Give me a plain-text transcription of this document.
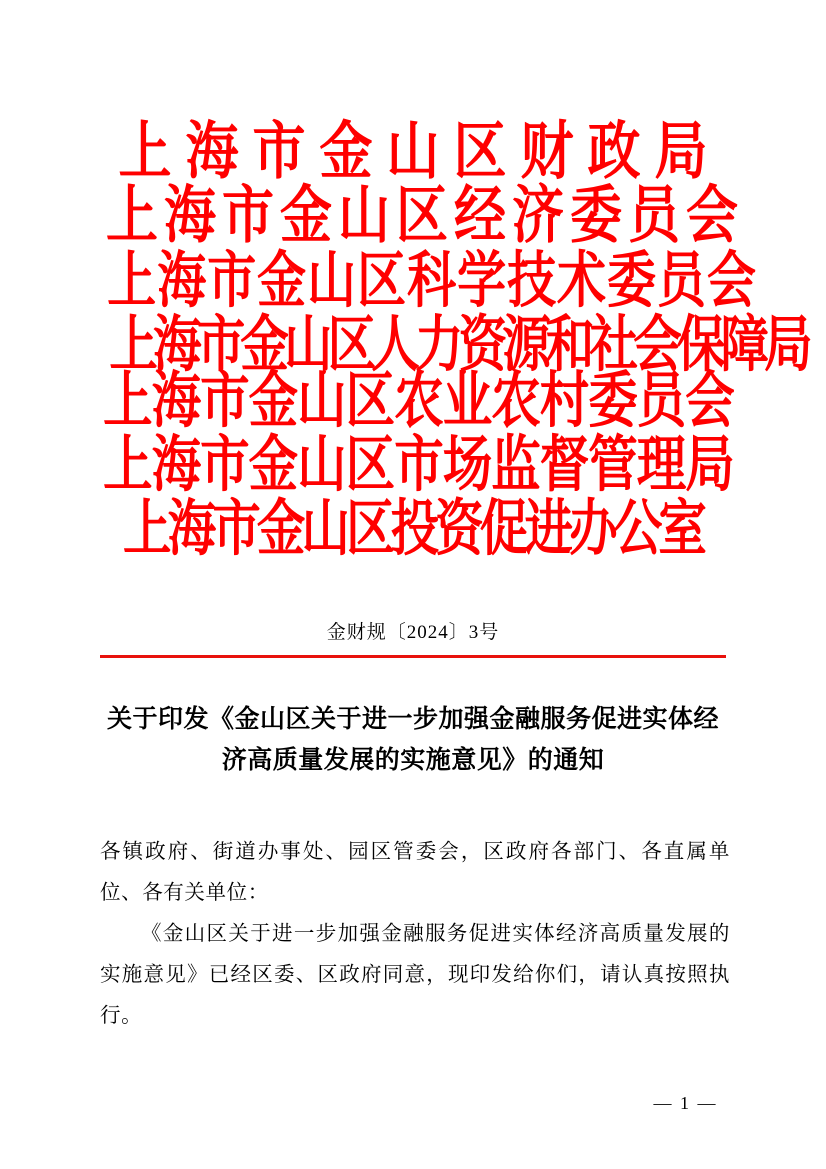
上海市金山区财政局
上海市金山区经济委员会
上海市金山区科学技术委员会
上海市金山区人力资源和社会保障局
上海市金山区农业农村委员会
上海市金山区市场监督管理局
上海市金山区投资促进办公室
金财规〔2024〕3号
关于印发《金山区关于进一步加强金融服务促进实体经济高质量发展的实施意见》的通知

各镇政府、街道办事处、园区管委会，区政府各部门、各直属单位、各有关单位：

《金山区关于进一步加强金融服务促进实体经济高质量发展的实施意见》已经区委、区政府同意，现印发给你们，请认真按照执行。

— 1 —
